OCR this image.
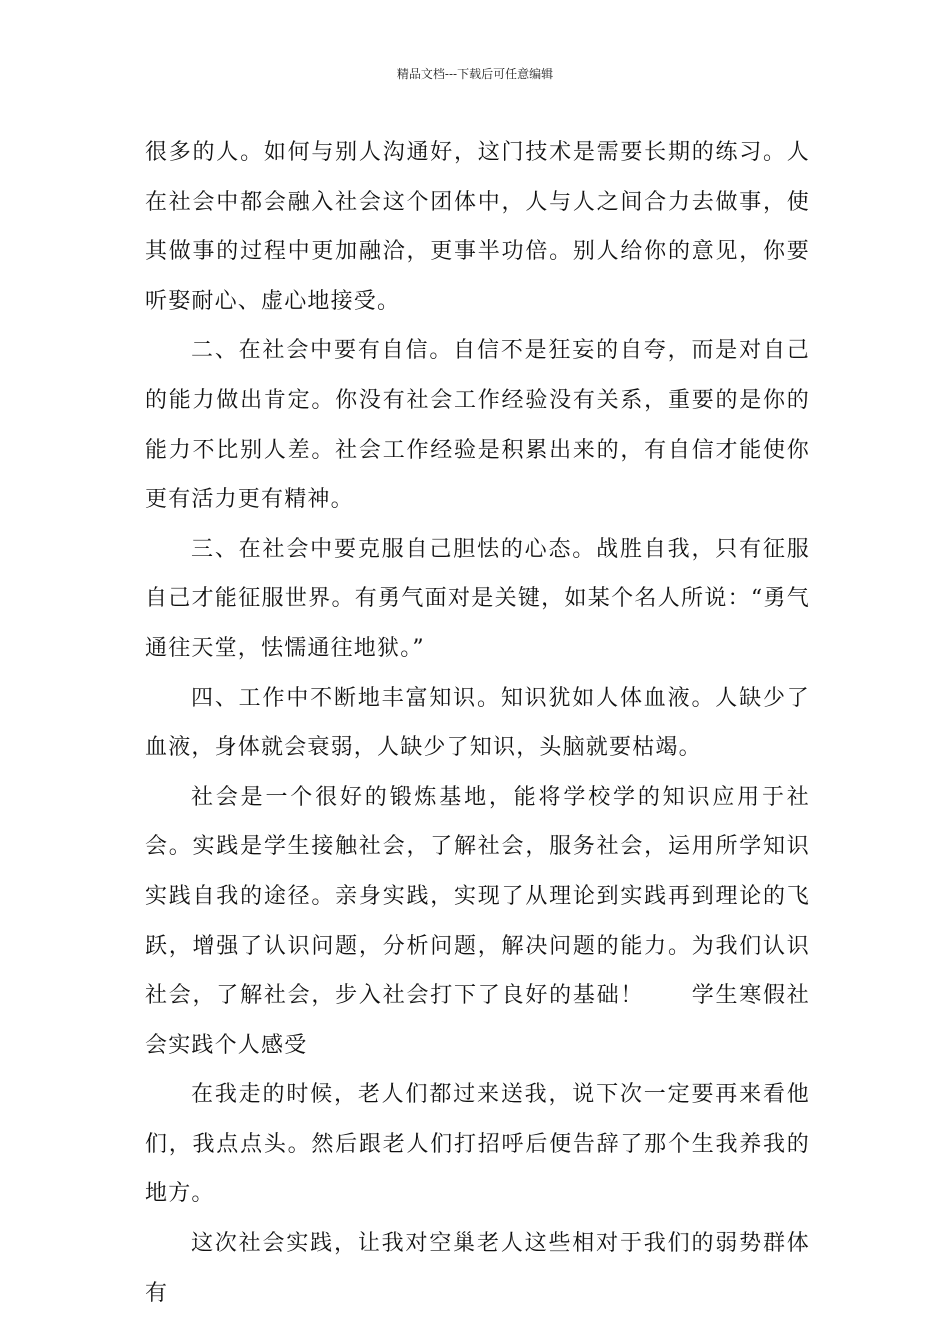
精品文档---下载后可任意编辑

很多的人。如何与别人沟通好，这门技术是需要长期的练习。人在社会中都会融入社会这个团体中，人与人之间合力去做事，使其做事的过程中更加融洽，更事半功倍。别人给你的意见，你要听娶耐心、虚心地接受。

二、在社会中要有自信。自信不是狂妄的自夸，而是对自己的能力做出肯定。你没有社会工作经验没有关系，重要的是你的能力不比别人差。社会工作经验是积累出来的，有自信才能使你更有活力更有精神。

三、在社会中要克服自己胆怯的心态。战胜自我，只有征服自己才能征服世界。有勇气面对是关键，如某个名人所说：“勇气通往天堂，怯懦通往地狱。”

四、工作中不断地丰富知识。知识犹如人体血液。人缺少了血液，身体就会衰弱，人缺少了知识，头脑就要枯竭。

社会是一个很好的锻炼基地，能将学校学的知识应用于社会。实践是学生接触社会，了解社会，服务社会，运用所学知识实践自我的途径。亲身实践，实现了从理论到实践再到理论的飞跃，增强了认识问题，分析问题，解决问题的能力。为我们认识社会，了解社会，步入社会打下了良好的基础！　　学生寒假社会实践个人感受

在我走的时候，老人们都过来送我，说下次一定要再来看他们，我点点头。然后跟老人们打招呼后便告辞了那个生我养我的地方。

这次社会实践，让我对空巢老人这些相对于我们的弱势群体有
